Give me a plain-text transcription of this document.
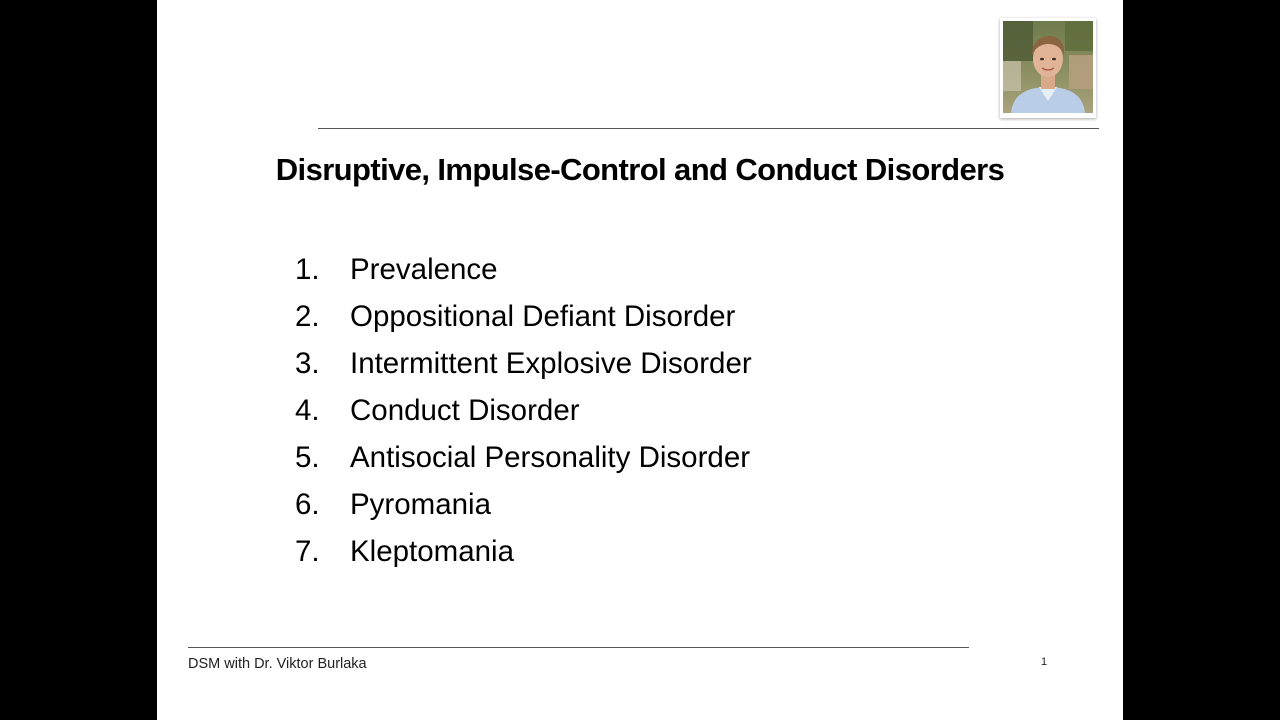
Disruptive, Impulse-Control and Conduct Disorders
1. Prevalence
2. Oppositional Defiant Disorder
3. Intermittent Explosive Disorder
4. Conduct Disorder
5. Antisocial Personality Disorder
6. Pyromania
7. Kleptomania
DSM with Dr. Viktor Burlaka	1
